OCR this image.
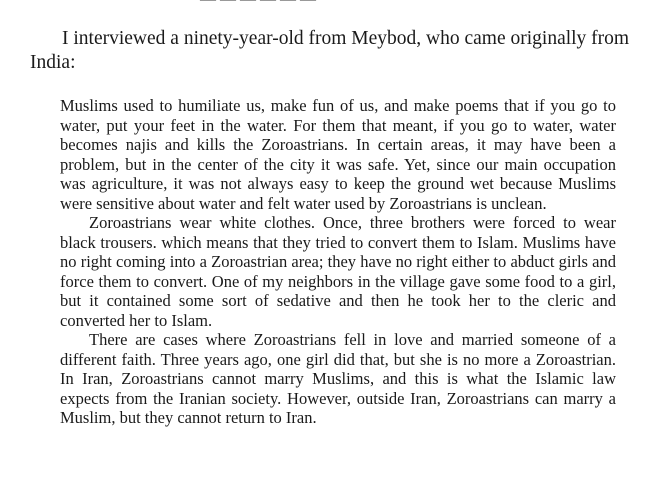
I interviewed a ninety-year-old from Meybod, who came originally from India:

Muslims used to humiliate us, make fun of us, and make poems that if you go to water, put your feet in the water. For them that meant, if you go to water, water becomes najis and kills the Zoroastrians. In certain areas, it may have been a problem, but in the center of the city it was safe. Yet, since our main occupation was agriculture, it was not always easy to keep the ground wet because Muslims were sensitive about water and felt water used by Zoroastrians is unclean.

Zoroastrians wear white clothes. Once, three brothers were forced to wear black trousers. which means that they tried to convert them to Islam. Muslims have no right coming into a Zoroastrian area; they have no right either to abduct girls and force them to convert. One of my neighbors in the village gave some food to a girl, but it contained some sort of sedative and then he took her to the cleric and converted her to Islam.

There are cases where Zoroastrians fell in love and married someone of a different faith. Three years ago, one girl did that, but she is no more a Zoroastrian. In Iran, Zoroastrians cannot marry Muslims, and this is what the Islamic law expects from the Iranian society. However, outside Iran, Zoroastrians can marry a Muslim, but they cannot return to Iran.
